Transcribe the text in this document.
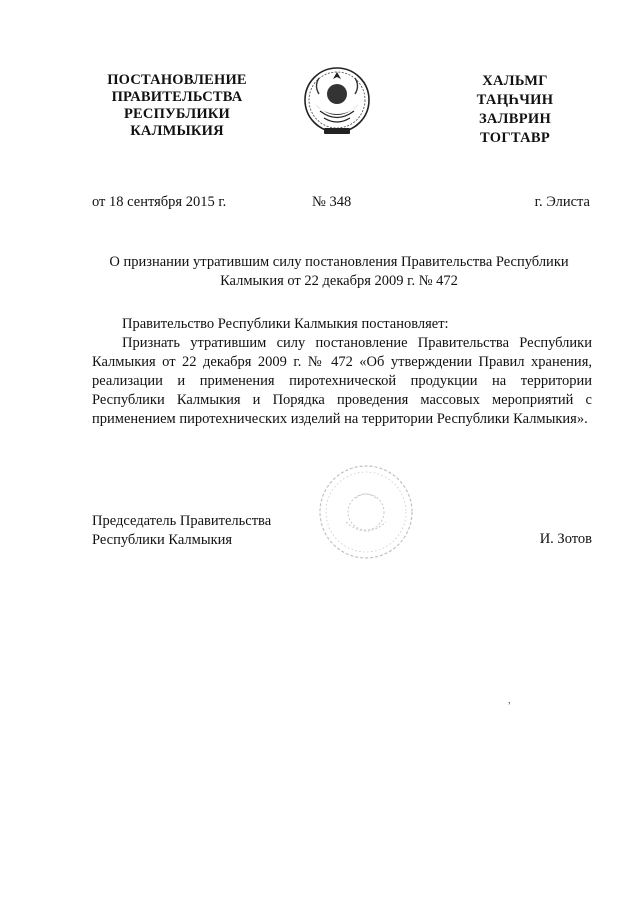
ПОСТАНОВЛЕНИЕ
ПРАВИТЕЛЬСТВА
РЕСПУБЛИКИ
КАЛМЫКИЯ
ХАЛЬМГ
ТАҢҺЧИН
ЗАЛВРИН
ТОГТАВР
от 18 сентября 2015 г.	№ 348	г. Элиста
О признании утратившим силу постановления Правительства Республики Калмыкия от 22 декабря 2009 г. № 472

Правительство Республики Калмыкия постановляет:

Признать утратившим силу постановление Правительства Республики Калмыкия от 22 декабря 2009 г. № 472 «Об утверждении Правил хранения, реализации и применения пиротехнической продукции на территории Республики Калмыкия и Порядка проведения массовых мероприятий с применением пиротехнических изделий на территории Республики Калмыкия».

Председатель Правительства
Республики Калмыкия	И. Зотов
,
